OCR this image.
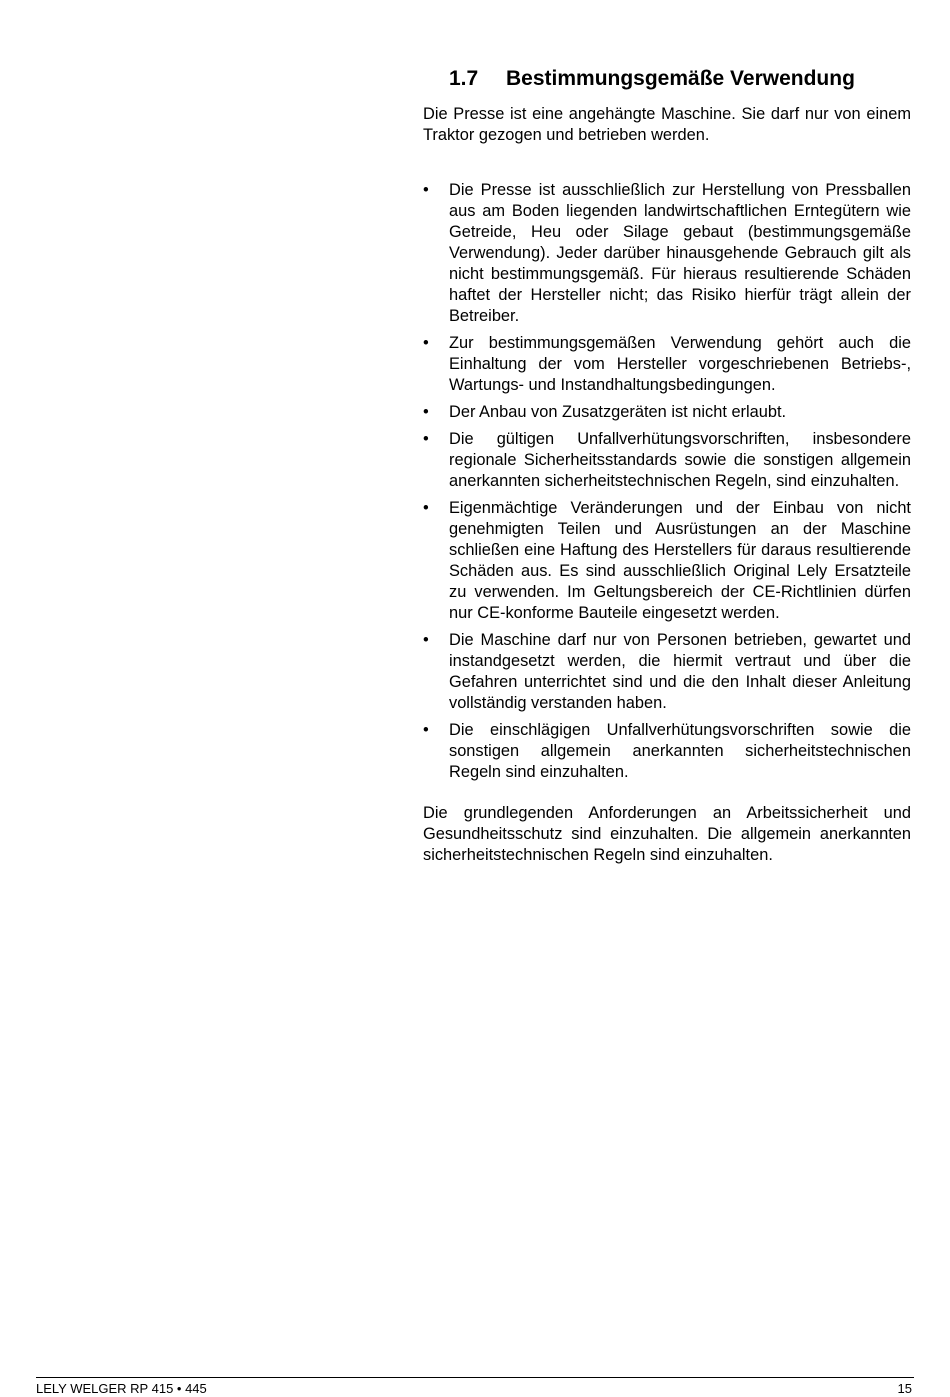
1.7	Bestimmungsgemäße Verwendung

Die Presse ist eine angehängte Maschine. Sie darf nur von einem Traktor gezogen und betrieben werden.

•	Die Presse ist ausschließlich zur Herstellung von Pressballen aus am Boden liegenden landwirtschaftlichen Erntegütern wie Getreide, Heu oder Silage gebaut (bestimmungsgemäße Verwendung). Jeder darüber hinausgehende Gebrauch gilt als nicht bestimmungsgemäß. Für hieraus resultierende Schäden haftet der Hersteller nicht; das Risiko hierfür trägt allein der Betreiber.
•	Zur bestimmungsgemäßen Verwendung gehört auch die Einhaltung der vom Hersteller vorgeschriebenen Betriebs-, Wartungs- und Instandhaltungsbedingungen.
•	Der Anbau von Zusatzgeräten ist nicht erlaubt.
•	Die gültigen Unfallverhütungsvorschriften, insbesondere regionale Sicherheitsstandards sowie die sonstigen allgemein anerkannten sicherheitstechnischen Regeln, sind einzuhalten.
•	Eigenmächtige Veränderungen und der Einbau von nicht genehmigten Teilen und Ausrüstungen an der Maschine schließen eine Haftung des Herstellers für daraus resultierende Schäden aus. Es sind ausschließlich Original Lely Ersatzteile zu verwenden. Im Geltungsbereich der CE-Richtlinien dürfen nur CE-konforme Bauteile eingesetzt werden.
•	Die Maschine darf nur von Personen betrieben, gewartet und instandgesetzt werden, die hiermit vertraut und über die Gefahren unterrichtet sind und die den Inhalt dieser Anleitung vollständig verstanden haben.
•	Die einschlägigen Unfallverhütungsvorschriften sowie die sonstigen allgemein anerkannten sicherheitstechnischen Regeln sind einzuhalten.

Die grundlegenden Anforderungen an Arbeitssicherheit und Gesundheitsschutz sind einzuhalten. Die allgemein anerkannten sicherheitstechnischen Regeln sind einzuhalten.

LELY WELGER RP 415 • 445	15
